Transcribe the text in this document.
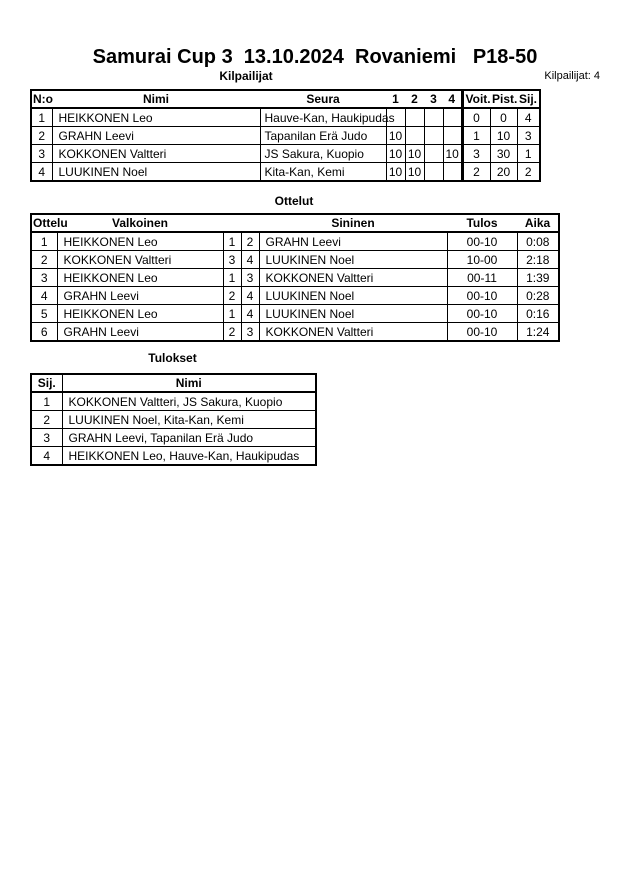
Samurai Cup 3  13.10.2024  Rovaniemi   P18-50
Kilpailijat	Kilpailijat: 4
N:o	Nimi	Seura	1	2	3	4	Voit.	Pist.	Sij.
1	HEIKKONEN Leo	Hauve-Kan, Haukipudas					0	0	4
2	GRAHN Leevi	Tapanilan Erä Judo	10				1	10	3
3	KOKKONEN Valtteri	JS Sakura, Kuopio	10	10		10	3	30	1
4	LUUKINEN Noel	Kita-Kan, Kemi	10	10			2	20	2
Ottelut
Ottelu	Valkoinen			Sininen	Tulos	Aika
1	HEIKKONEN Leo	1	2	GRAHN Leevi	00-10	0:08
2	KOKKONEN Valtteri	3	4	LUUKINEN Noel	10-00	2:18
3	HEIKKONEN Leo	1	3	KOKKONEN Valtteri	00-11	1:39
4	GRAHN Leevi	2	4	LUUKINEN Noel	00-10	0:28
5	HEIKKONEN Leo	1	4	LUUKINEN Noel	00-10	0:16
6	GRAHN Leevi	2	3	KOKKONEN Valtteri	00-10	1:24
Tulokset
Sij.	Nimi
1	KOKKONEN Valtteri, JS Sakura, Kuopio
2	LUUKINEN Noel, Kita-Kan, Kemi
3	GRAHN Leevi, Tapanilan Erä Judo
4	HEIKKONEN Leo, Hauve-Kan, Haukipudas
